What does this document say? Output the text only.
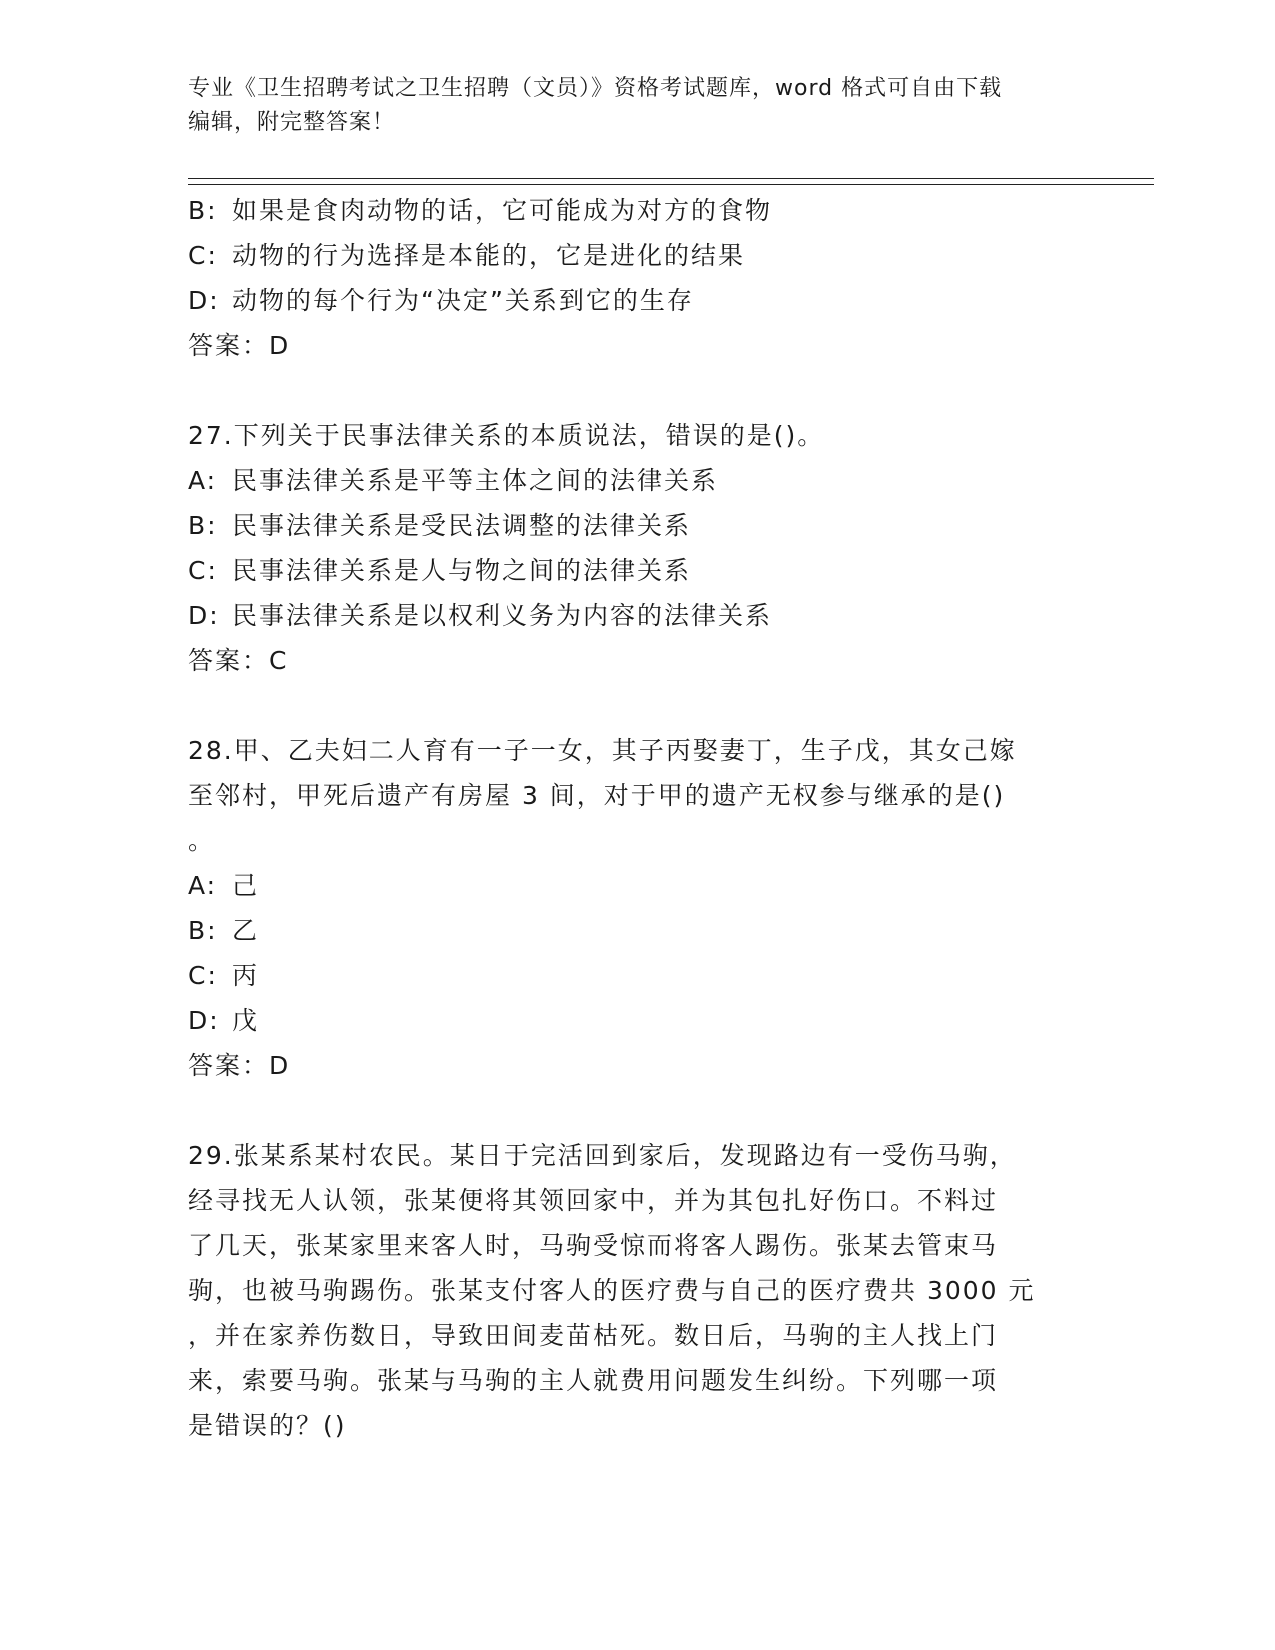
专业《卫生招聘考试之卫生招聘（文员）》资格考试题库，word 格式可自由下载
编辑，附完整答案！
B: 如果是食肉动物的话，它可能成为对方的食物
C: 动物的行为选择是本能的，它是进化的结果
D: 动物的每个行为“决定”关系到它的生存
答案：D
27.下列关于民事法律关系的本质说法，错误的是()。
A: 民事法律关系是平等主体之间的法律关系
B: 民事法律关系是受民法调整的法律关系
C: 民事法律关系是人与物之间的法律关系
D: 民事法律关系是以权利义务为内容的法律关系
答案：C
28.甲、乙夫妇二人育有一子一女，其子丙娶妻丁，生子戊，其女己嫁
至邻村，甲死后遗产有房屋 3 间，对于甲的遗产无权参与继承的是()
。
A: 己
B: 乙
C: 丙
D: 戊
答案：D
29.张某系某村农民。某日于完活回到家后，发现路边有一受伤马驹，
经寻找无人认领，张某便将其领回家中，并为其包扎好伤口。不料过
了几天，张某家里来客人时，马驹受惊而将客人踢伤。张某去管束马
驹，也被马驹踢伤。张某支付客人的医疗费与自己的医疗费共 3000 元
，并在家养伤数日，导致田间麦苗枯死。数日后，马驹的主人找上门
来，索要马驹。张某与马驹的主人就费用问题发生纠纷。下列哪一项
是错误的？()
